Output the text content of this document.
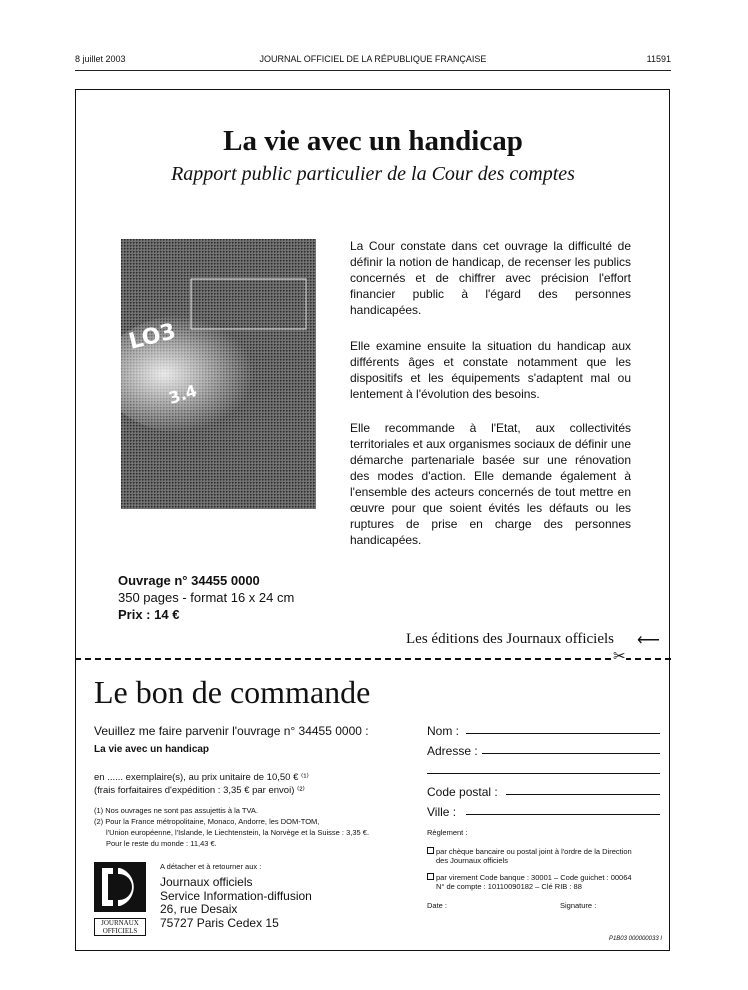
8 juillet 2003	JOURNAL OFFICIEL DE LA RÉPUBLIQUE FRANÇAISE	11591
La vie avec un handicap
Rapport public particulier de la Cour des comptes
LO3
3.4
La Cour constate dans cet ouvrage la difficulté de définir la notion de handicap, de recenser les publics concernés et de chiffrer avec précision l'effort financier public à l'égard des personnes handicapées.
Elle examine ensuite la situation du handicap aux différents âges et constate notamment que les dispositifs et les équipements s'adaptent mal ou lentement à l'évolution des besoins.
Elle recommande à l'Etat, aux collectivités territoriales et aux organismes sociaux de définir une démarche partenariale basée sur une rénovation des modes d'action. Elle demande également à l'ensemble des acteurs concernés de tout mettre en œuvre pour que soient évités les défauts ou les ruptures de prise en charge des personnes handicapées.
Ouvrage n° 34455 0000
350 pages - format 16 x 24 cm
Prix : 14 €
Les éditions des Journaux officiels ⟵
✂
Le bon de commande
Veuillez me faire parvenir l'ouvrage n° 34455 0000 :
La vie avec un handicap
en ...... exemplaire(s), au prix unitaire de 10,50 € ⁽¹⁾
(frais forfaitaires d'expédition : 3,35 € par envoi) ⁽²⁾
(1) Nos ouvrages ne sont pas assujettis à la TVA.
(2) Pour la France métropolitaine, Monaco, Andorre, les DOM-TOM,
l'Union européenne, l'Islande, le Liechtenstein, la Norvège et la Suisse : 3,35 €.
Pour le reste du monde : 11,43 €.
A détacher et à retourner aux :
Journaux officiels
Service Information-diffusion
26, rue Desaix
75727 Paris Cedex 15
JOURNAUX
OFFICIELS
Nom :
Adresse :
Code postal :
Ville :
Règlement :
par chèque bancaire ou postal joint à l'ordre de la Direction
des Journaux officiels
par virement Code banque : 30001 – Code guichet : 00064
N° de compte : 10110090182 – Clé RIB : 88
Date :	Signature :
P1B03 000000033 I
